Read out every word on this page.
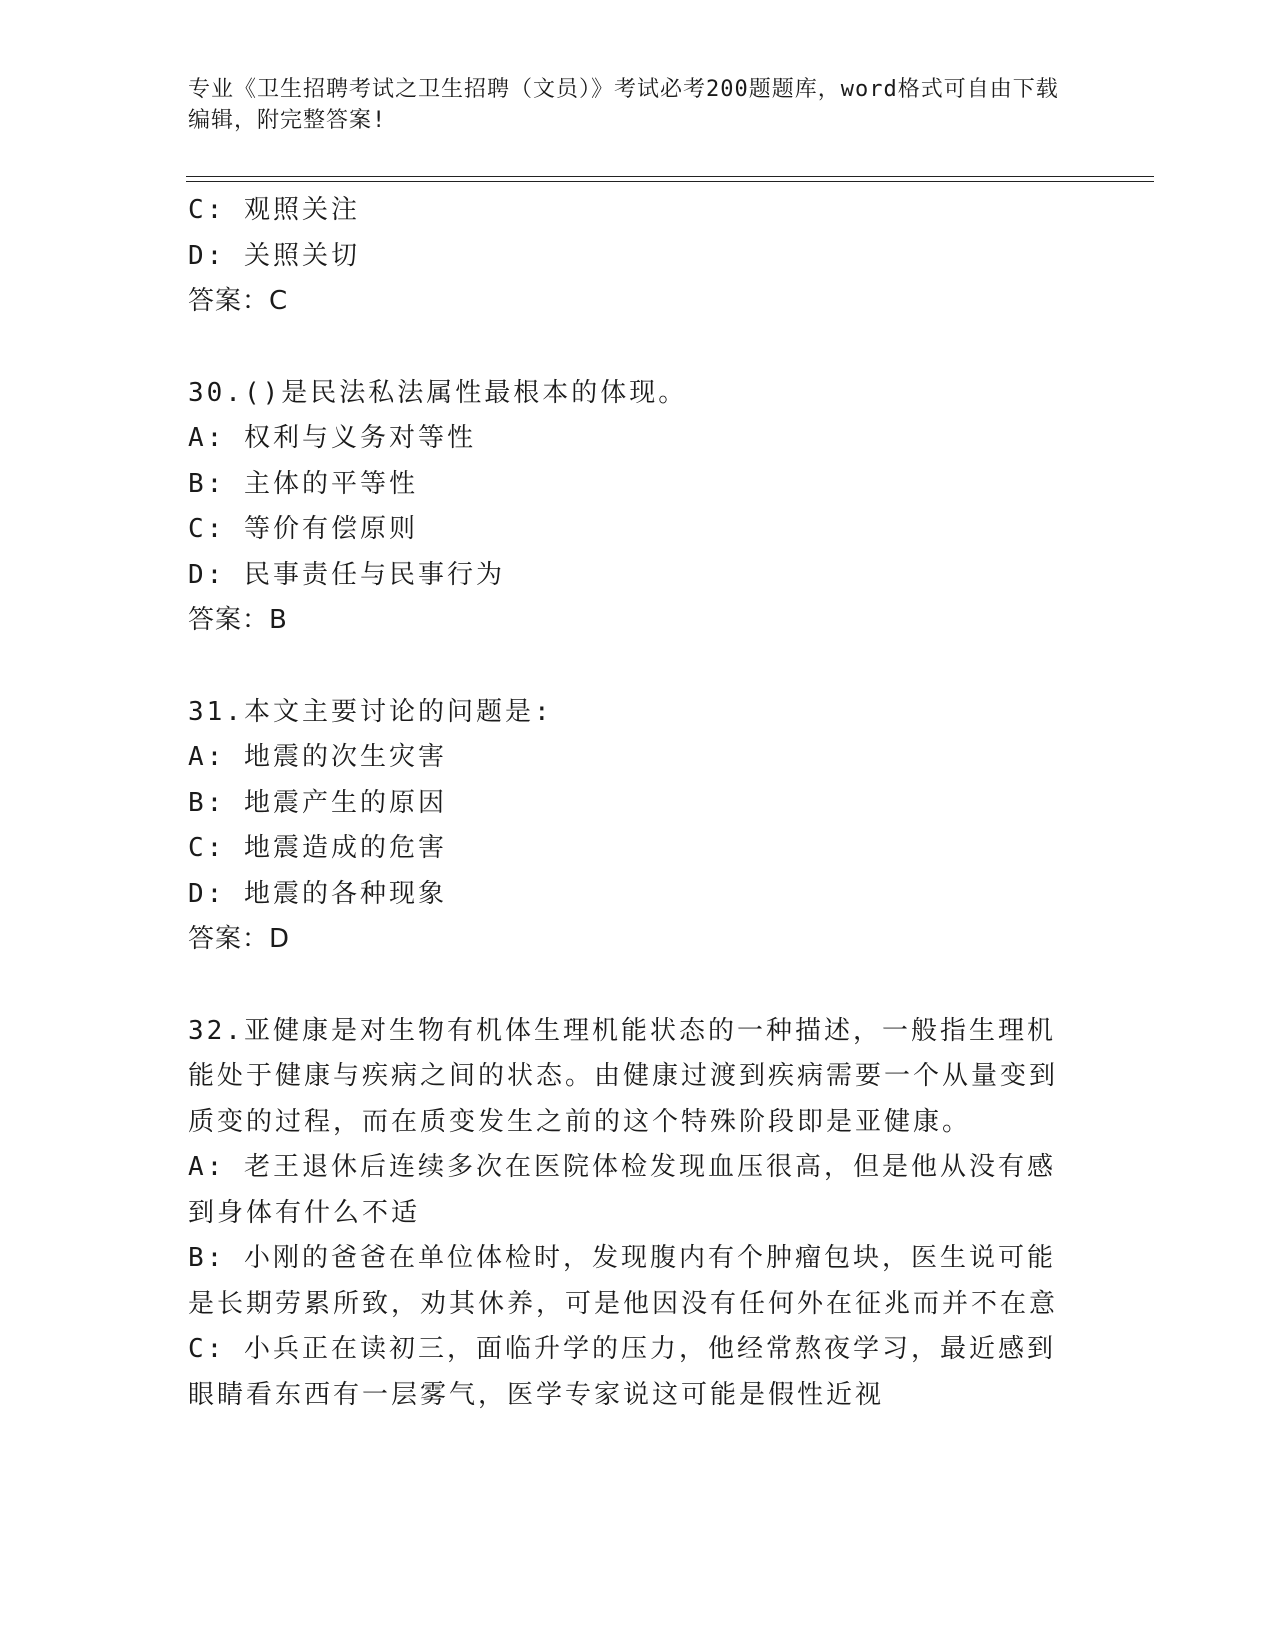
专业《卫生招聘考试之卫生招聘（文员）》考试必考200题题库，word格式可自由下载编辑，附完整答案!
C: 观照关注
D: 关照关切
答案：C
30.()是民法私法属性最根本的体现。
A: 权利与义务对等性
B: 主体的平等性
C: 等价有偿原则
D: 民事责任与民事行为
答案：B
31.本文主要讨论的问题是:
A: 地震的次生灾害
B: 地震产生的原因
C: 地震造成的危害
D: 地震的各种现象
答案：D
32.亚健康是对生物有机体生理机能状态的一种描述，一般指生理机能处于健康与疾病之间的状态。由健康过渡到疾病需要一个从量变到质变的过程，而在质变发生之前的这个特殊阶段即是亚健康。
A: 老王退休后连续多次在医院体检发现血压很高，但是他从没有感到身体有什么不适
B: 小刚的爸爸在单位体检时，发现腹内有个肿瘤包块，医生说可能是长期劳累所致，劝其休养，可是他因没有任何外在征兆而并不在意
C: 小兵正在读初三，面临升学的压力，他经常熬夜学习，最近感到眼睛看东西有一层雾气，医学专家说这可能是假性近视
